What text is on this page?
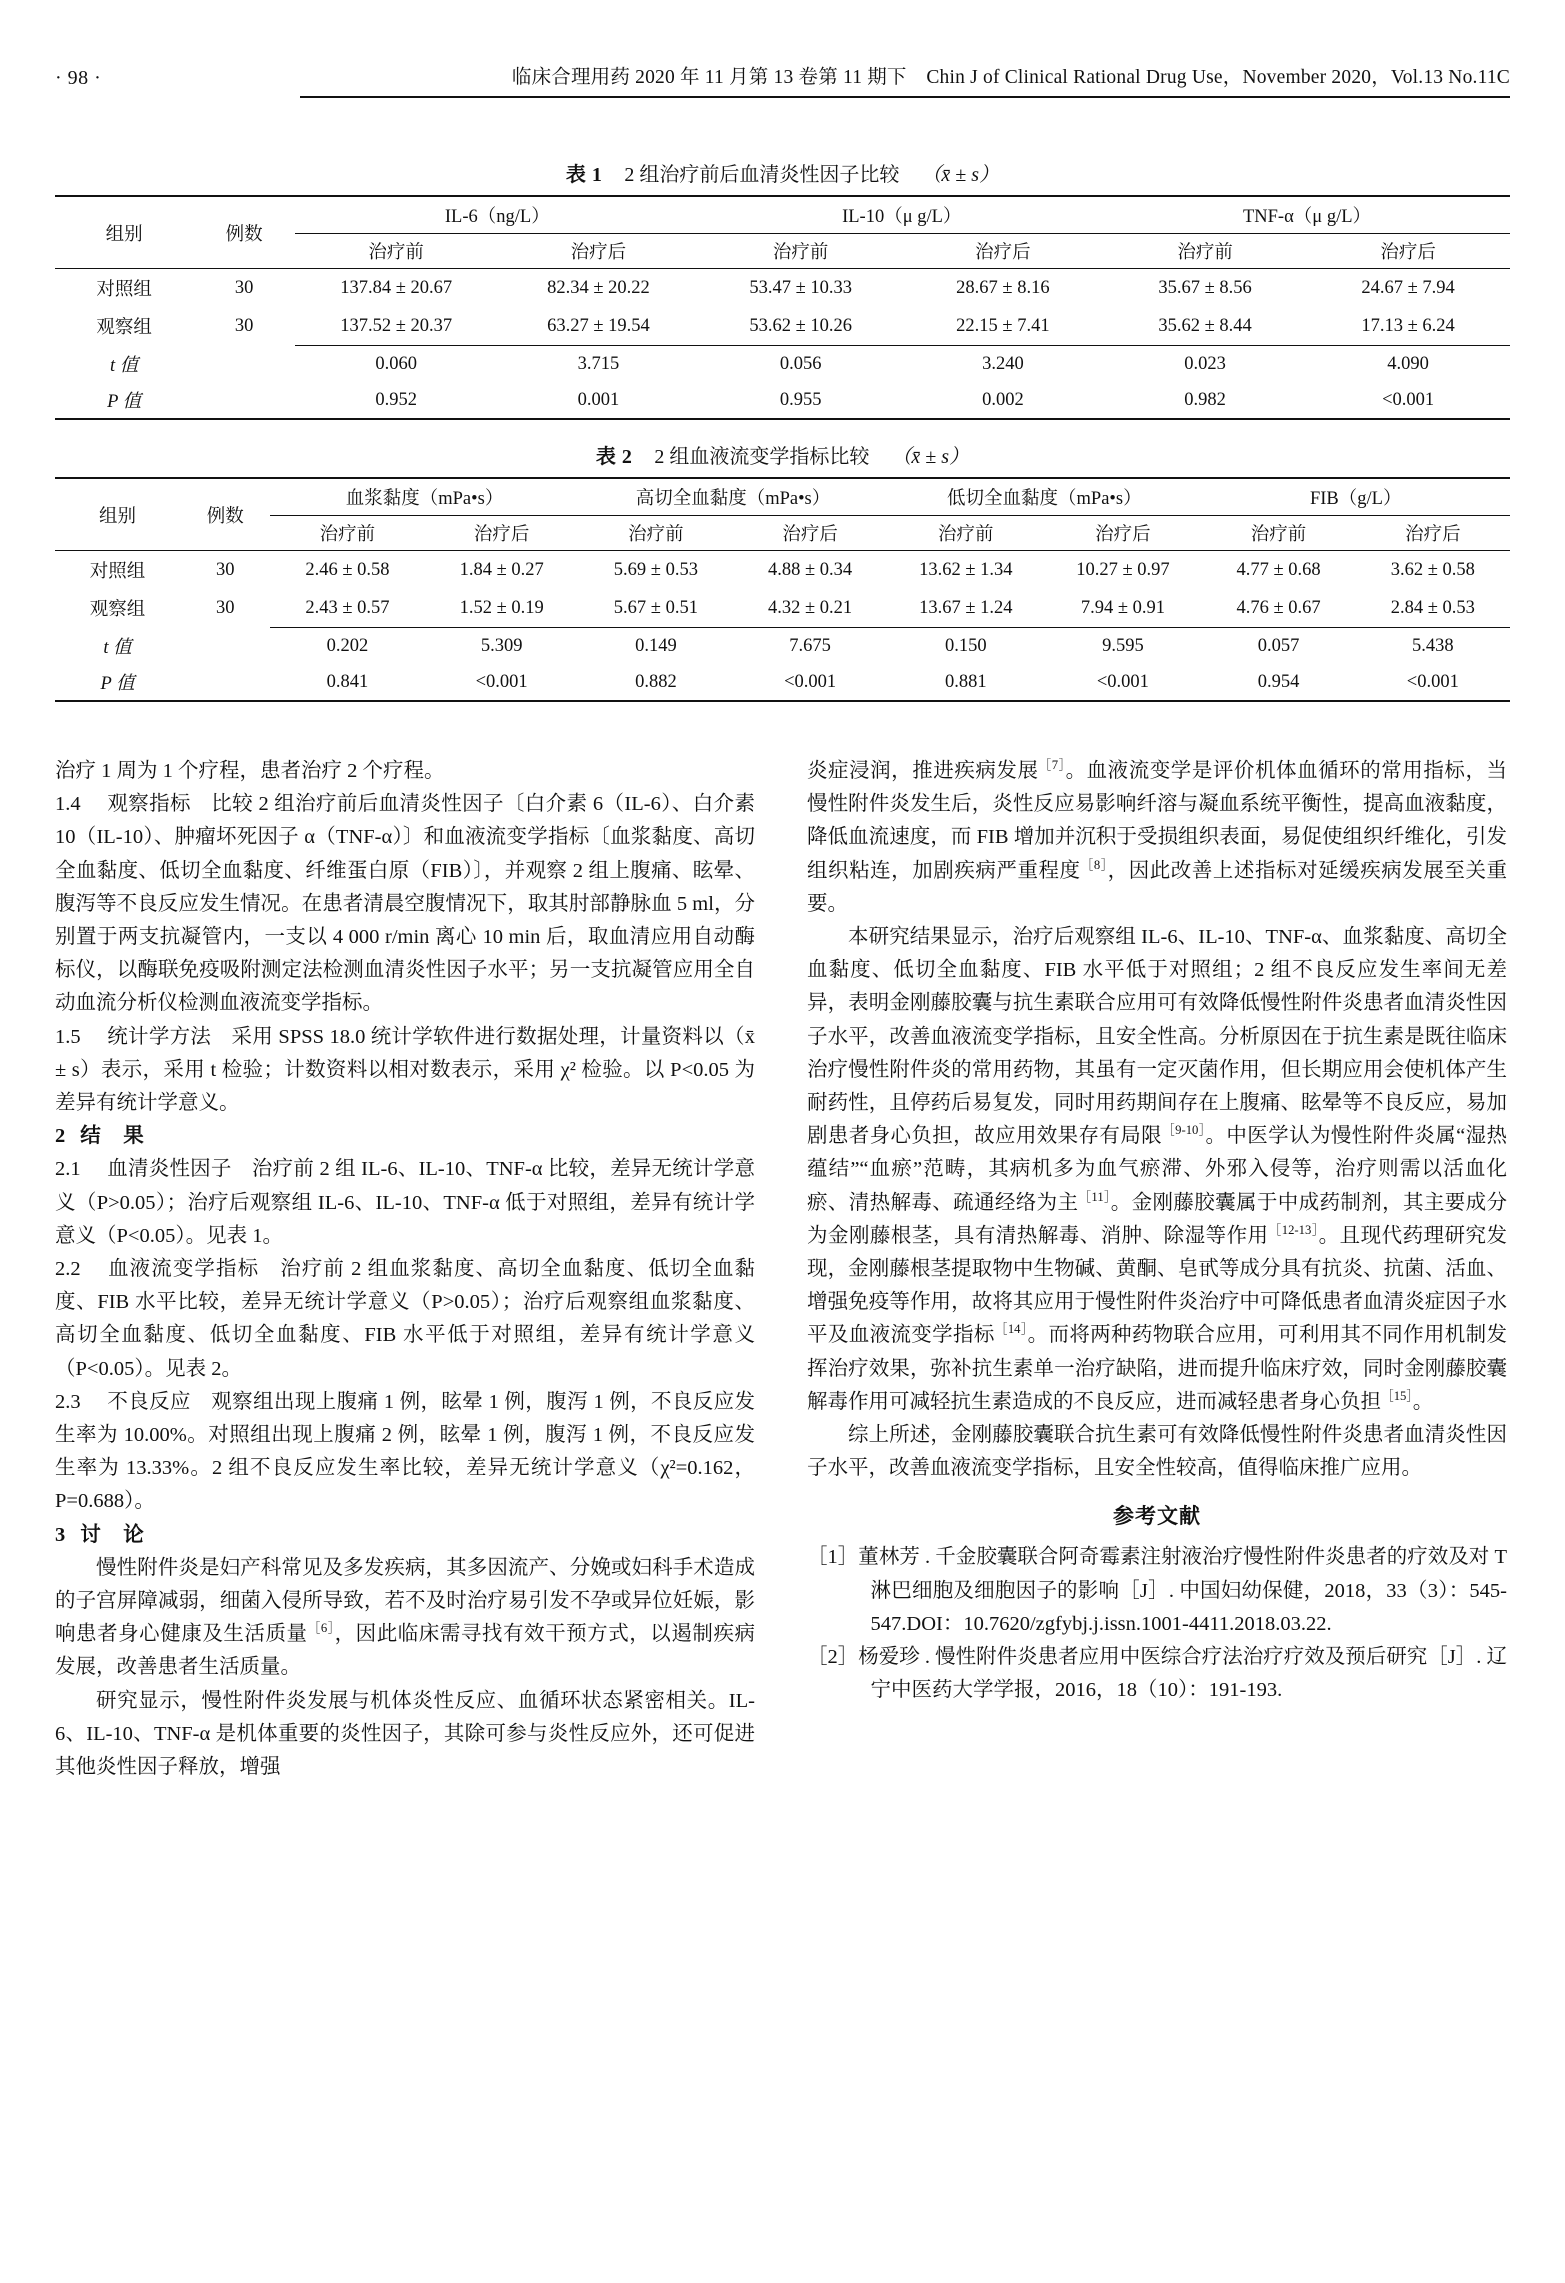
· 98 ·	临床合理用药 2020 年 11 月第 13 卷第 11 期下　Chin J of Clinical Rational Drug Use，November 2020，Vol.13 No.11C
表 1 2 组治疗前后血清炎性因子比较 （x̄ ± s）
组别	例数	IL-6（ng/L）		IL-10（μ g/L）		TNF-α（μ g/L）	
		治疗前	治疗后	治疗前	治疗后	治疗前	治疗后
对照组	30	137.84 ± 20.67	82.34 ± 20.22	53.47 ± 10.33	28.67 ± 8.16	35.67 ± 8.56	24.67 ± 7.94
观察组	30	137.52 ± 20.37	63.27 ± 19.54	53.62 ± 10.26	22.15 ± 7.41	35.62 ± 8.44	17.13 ± 6.24
t 值		0.060	3.715	0.056	3.240	0.023	4.090
P 值		0.952	0.001	0.955	0.002	0.982	<0.001
表 2 2 组血液流变学指标比较 （x̄ ± s）
组别	例数	血浆黏度（mPa•s）		高切全血黏度（mPa•s）		低切全血黏度（mPa•s）		FIB（g/L）	
		治疗前	治疗后	治疗前	治疗后	治疗前	治疗后	治疗前	治疗后
对照组	30	2.46 ± 0.58	1.84 ± 0.27	5.69 ± 0.53	4.88 ± 0.34	13.62 ± 1.34	10.27 ± 0.97	4.77 ± 0.68	3.62 ± 0.58
观察组	30	2.43 ± 0.57	1.52 ± 0.19	5.67 ± 0.51	4.32 ± 0.21	13.67 ± 1.24	7.94 ± 0.91	4.76 ± 0.67	2.84 ± 0.53
t 值		0.202	5.309	0.149	7.675	0.150	9.595	0.057	5.438
P 值		0.841	<0.001	0.882	<0.001	0.881	<0.001	0.954	<0.001

治疗 1 周为 1 个疗程，患者治疗 2 个疗程。

1.4 观察指标 比较 2 组治疗前后血清炎性因子〔白介素 6（IL-6）、白介素 10（IL-10）、肿瘤坏死因子 α（TNF-α）〕和血液流变学指标〔血浆黏度、高切全血黏度、低切全血黏度、纤维蛋白原（FIB）〕，并观察 2 组上腹痛、眩晕、腹泻等不良反应发生情况。在患者清晨空腹情况下，取其肘部静脉血 5 ml，分别置于两支抗凝管内，一支以 4 000 r/min 离心 10 min 后，取血清应用自动酶标仪，以酶联免疫吸附测定法检测血清炎性因子水平；另一支抗凝管应用全自动血流分析仪检测血液流变学指标。

1.5 统计学方法 采用 SPSS 18.0 统计学软件进行数据处理，计量资料以（x̄ ± s）表示，采用 t 检验；计数资料以相对数表示，采用 χ² 检验。以 P<0.05 为差异有统计学意义。

2 结　果

2.1 血清炎性因子 治疗前 2 组 IL-6、IL-10、TNF-α 比较，差异无统计学意义（P>0.05）；治疗后观察组 IL-6、IL-10、TNF-α 低于对照组，差异有统计学意义（P<0.05）。见表 1。

2.2 血液流变学指标 治疗前 2 组血浆黏度、高切全血黏度、低切全血黏度、FIB 水平比较，差异无统计学意义（P>0.05）；治疗后观察组血浆黏度、高切全血黏度、低切全血黏度、FIB 水平低于对照组，差异有统计学意义（P<0.05）。见表 2。

2.3 不良反应 观察组出现上腹痛 1 例，眩晕 1 例，腹泻 1 例，不良反应发生率为 10.00%。对照组出现上腹痛 2 例，眩晕 1 例，腹泻 1 例，不良反应发生率为 13.33%。2 组不良反应发生率比较，差异无统计学意义（χ²=0.162，P=0.688）。

3 讨　论

慢性附件炎是妇产科常见及多发疾病，其多因流产、分娩或妇科手术造成的子宫屏障减弱，细菌入侵所导致，若不及时治疗易引发不孕或异位妊娠，影响患者身心健康及生活质量$^{[6]}$，因此临床需寻找有效干预方式，以遏制疾病发展，改善患者生活质量。

研究显示，慢性附件炎发展与机体炎性反应、血循环状态紧密相关。IL-6、IL-10、TNF-α 是机体重要的炎性因子，其除可参与炎性反应外，还可促进其他炎性因子释放，增强

炎症浸润，推进疾病发展$^{[7]}$。血液流变学是评价机体血循环的常用指标，当慢性附件炎发生后，炎性反应易影响纤溶与凝血系统平衡性，提高血液黏度，降低血流速度，而 FIB 增加并沉积于受损组织表面，易促使组织纤维化，引发组织粘连，加剧疾病严重程度$^{[8]}$，因此改善上述指标对延缓疾病发展至关重要。

本研究结果显示，治疗后观察组 IL-6、IL-10、TNF-α、血浆黏度、高切全血黏度、低切全血黏度、FIB 水平低于对照组；2 组不良反应发生率间无差异，表明金刚藤胶囊与抗生素联合应用可有效降低慢性附件炎患者血清炎性因子水平，改善血液流变学指标，且安全性高。分析原因在于抗生素是既往临床治疗慢性附件炎的常用药物，其虽有一定灭菌作用，但长期应用会使机体产生耐药性，且停药后易复发，同时用药期间存在上腹痛、眩晕等不良反应，易加剧患者身心负担，故应用效果存有局限$^{[9-10]}$。中医学认为慢性附件炎属“湿热蕴结”“血瘀”范畴，其病机多为血气瘀滞、外邪入侵等，治疗则需以活血化瘀、清热解毒、疏通经络为主$^{[11]}$。金刚藤胶囊属于中成药制剂，其主要成分为金刚藤根茎，具有清热解毒、消肿、除湿等作用$^{[12-13]}$。且现代药理研究发现，金刚藤根茎提取物中生物碱、黄酮、皂甙等成分具有抗炎、抗菌、活血、增强免疫等作用，故将其应用于慢性附件炎治疗中可降低患者血清炎症因子水平及血液流变学指标$^{[14]}$。而将两种药物联合应用，可利用其不同作用机制发挥治疗效果，弥补抗生素单一治疗缺陷，进而提升临床疗效，同时金刚藤胶囊解毒作用可减轻抗生素造成的不良反应，进而减轻患者身心负担$^{[15]}$。

综上所述，金刚藤胶囊联合抗生素可有效降低慢性附件炎患者血清炎性因子水平，改善血液流变学指标，且安全性较高，值得临床推广应用。

参考文献

［1］董林芳 . 千金胶囊联合阿奇霉素注射液治疗慢性附件炎患者的疗效及对 T 淋巴细胞及细胞因子的影响［J］. 中国妇幼保健，2018，33（3）：545-547.DOI：10.7620/zgfybj.j.issn.1001-4411.2018.03.22.

［2］杨爱珍 . 慢性附件炎患者应用中医综合疗法治疗疗效及预后研究［J］. 辽宁中医药大学学报，2016，18（10）：191-193.
